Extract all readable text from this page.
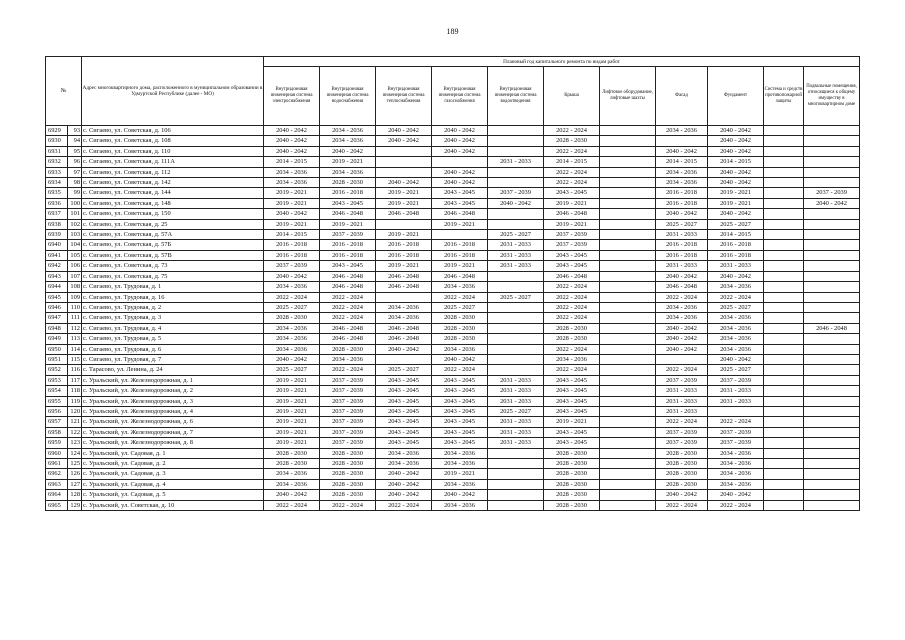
189
№		Адрес многоквартирного дома, расположенного в муниципальном образовании в Удмуртской Республике (далее - МО)	Плановый год капитального ремонта по видам работ										
			Внутридомовая инженерная система электроснабжения	Внутридомовая инженерная система водоснабжения	Внутридомовая инженерная система теплоснабжения	Внутридомовая инженерная система газоснабжения	Внутридомовая инженерная система водоотведения	Крыша	Лифтовое оборудование, лифтовые шахты	Фасад	Фундамент	Система и средств противопожарной защиты	Подвальные помещения, относящиеся к общему имуществу в многоквартирном доме
6929	93	с. Сигаево, ул. Советская, д. 106	2040 - 2042	2034 - 2036	2040 - 2042	2040 - 2042		2022 - 2024		2034 - 2036	2040 - 2042		
6930	94	с. Сигаево, ул. Советская, д. 108	2040 - 2042	2034 - 2036	2040 - 2042	2040 - 2042		2028 - 2030			2040 - 2042		
6931	95	с. Сигаево, ул. Советская, д. 110	2040 - 2042	2040 - 2042		2040 - 2042		2022 - 2024		2040 - 2042	2040 - 2042		
6932	96	с. Сигаево, ул. Советская, д. 111А	2014 - 2015	2019 - 2021			2031 - 2033	2014 - 2015		2014 - 2015	2014 - 2015		
6933	97	с. Сигаево, ул. Советская, д. 112	2034 - 2036	2034 - 2036		2040 - 2042		2022 - 2024		2034 - 2036	2040 - 2042		
6934	98	с. Сигаево, ул. Советская, д. 142	2034 - 2036	2028 - 2030	2040 - 2042	2040 - 2042		2022 - 2024		2034 - 2036	2040 - 2042		
6935	99	с. Сигаево, ул. Советская, д. 144	2019 - 2021	2016 - 2018	2019 - 2021	2043 - 2045	2037 - 2039	2043 - 2045		2016 - 2018	2019 - 2021		2037 - 2039
6936	100	с. Сигаево, ул. Советская, д. 148	2019 - 2021	2043 - 2045	2019 - 2021	2043 - 2045	2040 - 2042	2019 - 2021		2016 - 2018	2019 - 2021		2040 - 2042
6937	101	с. Сигаево, ул. Советская, д. 150	2040 - 2042	2046 - 2048	2046 - 2048	2046 - 2048		2046 - 2048		2040 - 2042	2040 - 2042		
6938	102	с. Сигаево, ул. Советская, д. 25	2019 - 2021	2019 - 2021		2019 - 2021		2019 - 2021		2025 - 2027	2025 - 2027		
6939	103	с. Сигаево, ул. Советская, д. 57А	2014 - 2015	2037 - 2039	2019 - 2021		2025 - 2027	2037 - 2039		2031 - 2033	2014 - 2015		
6940	104	с. Сигаево, ул. Советская, д. 57Б	2016 - 2018	2016 - 2018	2016 - 2018	2016 - 2018	2031 - 2033	2037 - 2039		2016 - 2018	2016 - 2018		
6941	105	с. Сигаево, ул. Советская, д. 57В	2016 - 2018	2016 - 2018	2016 - 2018	2016 - 2018	2031 - 2033	2043 - 2045		2016 - 2018	2016 - 2018		
6942	106	с. Сигаево, ул. Советская, д. 73	2037 - 2039	2043 - 2045	2019 - 2021	2019 - 2021	2031 - 2033	2043 - 2045		2031 - 2033	2031 - 2033		
6943	107	с. Сигаево, ул. Советская, д. 75	2040 - 2042	2046 - 2048	2046 - 2048	2046 - 2048		2046 - 2048		2040 - 2042	2040 - 2042		
6944	108	с. Сигаево, ул. Трудовая, д. 1	2034 - 2036	2046 - 2048	2046 - 2048	2034 - 2036		2022 - 2024		2046 - 2048	2034 - 2036		
6945	109	с. Сигаево, ул. Трудовая, д. 16	2022 - 2024	2022 - 2024		2022 - 2024	2025 - 2027	2022 - 2024		2022 - 2024	2022 - 2024		
6946	110	с. Сигаево, ул. Трудовая, д. 2	2025 - 2027	2022 - 2024	2034 - 2036	2025 - 2027		2022 - 2024		2034 - 2036	2025 - 2027		
6947	111	с. Сигаево, ул. Трудовая, д. 3	2028 - 2030	2022 - 2024	2034 - 2036	2028 - 2030		2022 - 2024		2034 - 2036	2034 - 2036		
6948	112	с. Сигаево, ул. Трудовая, д. 4	2034 - 2036	2046 - 2048	2046 - 2048	2028 - 2030		2028 - 2030		2040 - 2042	2034 - 2036		2046 - 2048
6949	113	с. Сигаево, ул. Трудовая, д. 5	2034 - 2036	2046 - 2048	2046 - 2048	2028 - 2030		2028 - 2030		2040 - 2042	2034 - 2036		
6950	114	с. Сигаево, ул. Трудовая, д. 6	2034 - 2036	2028 - 2030	2040 - 2042	2034 - 2036		2022 - 2024		2040 - 2042	2034 - 2036		
6951	115	с. Сигаево, ул. Трудовая, д. 7	2040 - 2042	2034 - 2036		2040 - 2042		2034 - 2036			2040 - 2042		
6952	116	с. Тарасово, ул. Ленина, д. 24	2025 - 2027	2022 - 2024	2025 - 2027	2022 - 2024		2022 - 2024		2022 - 2024	2025 - 2027		
6953	117	с. Уральский, ул. Железнодорожная, д. 1	2019 - 2021	2037 - 2039	2043 - 2045	2043 - 2045	2031 - 2033	2043 - 2045		2037 - 2039	2037 - 2039		
6954	118	с. Уральский, ул. Железнодорожная, д. 2	2019 - 2021	2037 - 2039	2043 - 2045	2043 - 2045	2031 - 2033	2043 - 2045		2031 - 2033	2031 - 2033		
6955	119	с. Уральский, ул. Железнодорожная, д. 3	2019 - 2021	2037 - 2039	2043 - 2045	2043 - 2045	2031 - 2033	2043 - 2045		2031 - 2033	2031 - 2033		
6956	120	с. Уральский, ул. Железнодорожная, д. 4	2019 - 2021	2037 - 2039	2043 - 2045	2043 - 2045	2025 - 2027	2043 - 2045		2031 - 2033			
6957	121	с. Уральский, ул. Железнодорожная, д. 6	2019 - 2021	2037 - 2039	2043 - 2045	2043 - 2045	2031 - 2033	2019 - 2021		2022 - 2024	2022 - 2024		
6958	122	с. Уральский, ул. Железнодорожная, д. 7	2019 - 2021	2037 - 2039	2043 - 2045	2043 - 2045	2031 - 2033	2043 - 2045		2037 - 2039	2037 - 2039		
6959	123	с. Уральский, ул. Железнодорожная, д. 8	2019 - 2021	2037 - 2039	2043 - 2045	2043 - 2045	2031 - 2033	2043 - 2045		2037 - 2039	2037 - 2039		
6960	124	с. Уральский, ул. Садовая, д. 1	2028 - 2030	2028 - 2030	2034 - 2036	2034 - 2036		2028 - 2030		2028 - 2030	2034 - 2036		
6961	125	с. Уральский, ул. Садовая, д. 2	2028 - 2030	2028 - 2030	2034 - 2036	2034 - 2036		2028 - 2030		2028 - 2030	2034 - 2036		
6962	126	с. Уральский, ул. Садовая, д. 3	2034 - 2036	2028 - 2030	2040 - 2042	2019 - 2021		2028 - 2030		2028 - 2030	2034 - 2036		
6963	127	с. Уральский, ул. Садовая, д. 4	2034 - 2036	2028 - 2030	2040 - 2042	2034 - 2036		2028 - 2030		2028 - 2030	2034 - 2036		
6964	128	с. Уральский, ул. Садовая, д. 5	2040 - 2042	2028 - 2030	2040 - 2042	2040 - 2042		2028 - 2030		2040 - 2042	2040 - 2042		
6965	129	с. Уральский, ул. Советская, д. 10	2022 - 2024	2022 - 2024	2022 - 2024	2034 - 2036		2028 - 2030		2022 - 2024	2022 - 2024		
